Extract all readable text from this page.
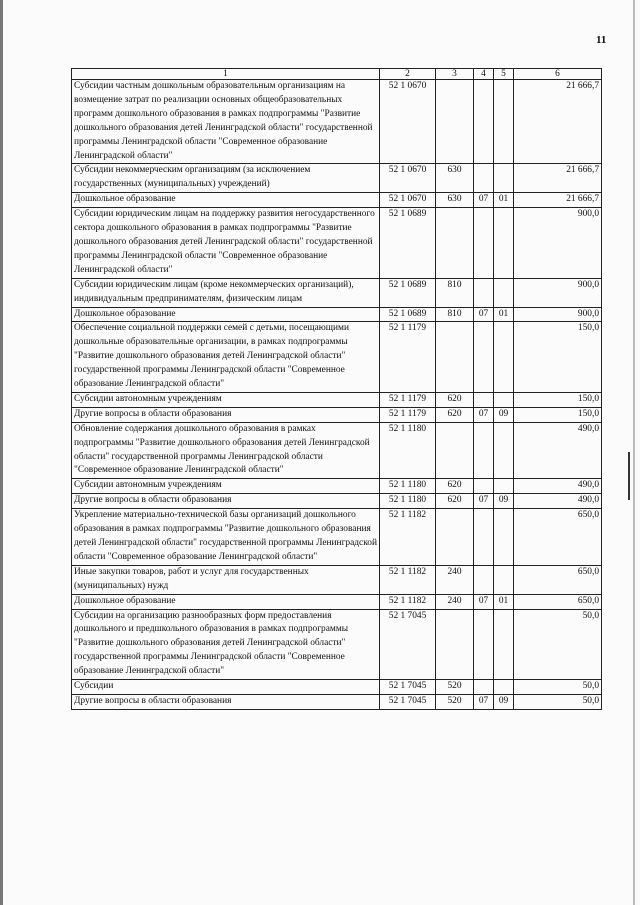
11
1	2	3	4	5	6
Субсидии частным дошкольным образовательным организациям на возмещение затрат по реализации основных общеобразовательных программ дошкольного образования в рамках подпрограммы "Развитие дошкольного образования детей Ленинградской области" государственной программы Ленинградской области "Современное образование Ленинградской области"	52 1 0670				21 666,7
Субсидии некоммерческим организациям (за исключением государственных (муниципальных) учреждений)	52 1 0670	630			21 666,7
Дошкольное образование	52 1 0670	630	07	01	21 666,7
Субсидии юридическим лицам на поддержку развития негосударственного сектора дошкольного образования в рамках подпрограммы "Развитие дошкольного образования детей Ленинградской области" государственной программы Ленинградской области "Современное образование Ленинградской области"	52 1 0689				900,0
Субсидии юридическим лицам (кроме некоммерческих организаций), индивидуальным предпринимателям, физическим лицам	52 1 0689	810			900,0
Дошкольное образование	52 1 0689	810	07	01	900,0
Обеспечение социальной поддержки семей с детьми, посещающими дошкольные образовательные организации, в рамках подпрограммы "Развитие дошкольного образования детей Ленинградской области" государственной программы Ленинградской области "Современное образование Ленинградской области"	52 1 1179				150,0
Субсидии автономным учреждениям	52 1 1179	620			150,0
Другие вопросы в области образования	52 1 1179	620	07	09	150,0
Обновление содержания дошкольного образования в рамках подпрограммы "Развитие дошкольного образования детей Ленинградской области" государственной программы Ленинградской области "Современное образование Ленинградской области"	52 1 1180				490,0
Субсидии автономным учреждениям	52 1 1180	620			490,0
Другие вопросы в области образования	52 1 1180	620	07	09	490,0
Укрепление материально-технической базы организаций дошкольного образования в рамках подпрограммы "Развитие дошкольного образования детей Ленинградской области" государственной программы Ленинградской области "Современное образование Ленинградской области"	52 1 1182				650,0
Иные закупки товаров, работ и услуг для государственных (муниципальных) нужд	52 1 1182	240			650,0
Дошкольное образование	52 1 1182	240	07	01	650,0
Субсидии на организацию разнообразных форм предоставления дошкольного и предшкольного образования в рамках подпрограммы "Развитие дошкольного образования детей Ленинградской области" государственной программы Ленинградской области "Современное образование Ленинградской области"	52 1 7045				50,0
Субсидии	52 1 7045	520			50,0
Другие вопросы в области образования	52 1 7045	520	07	09	50,0
